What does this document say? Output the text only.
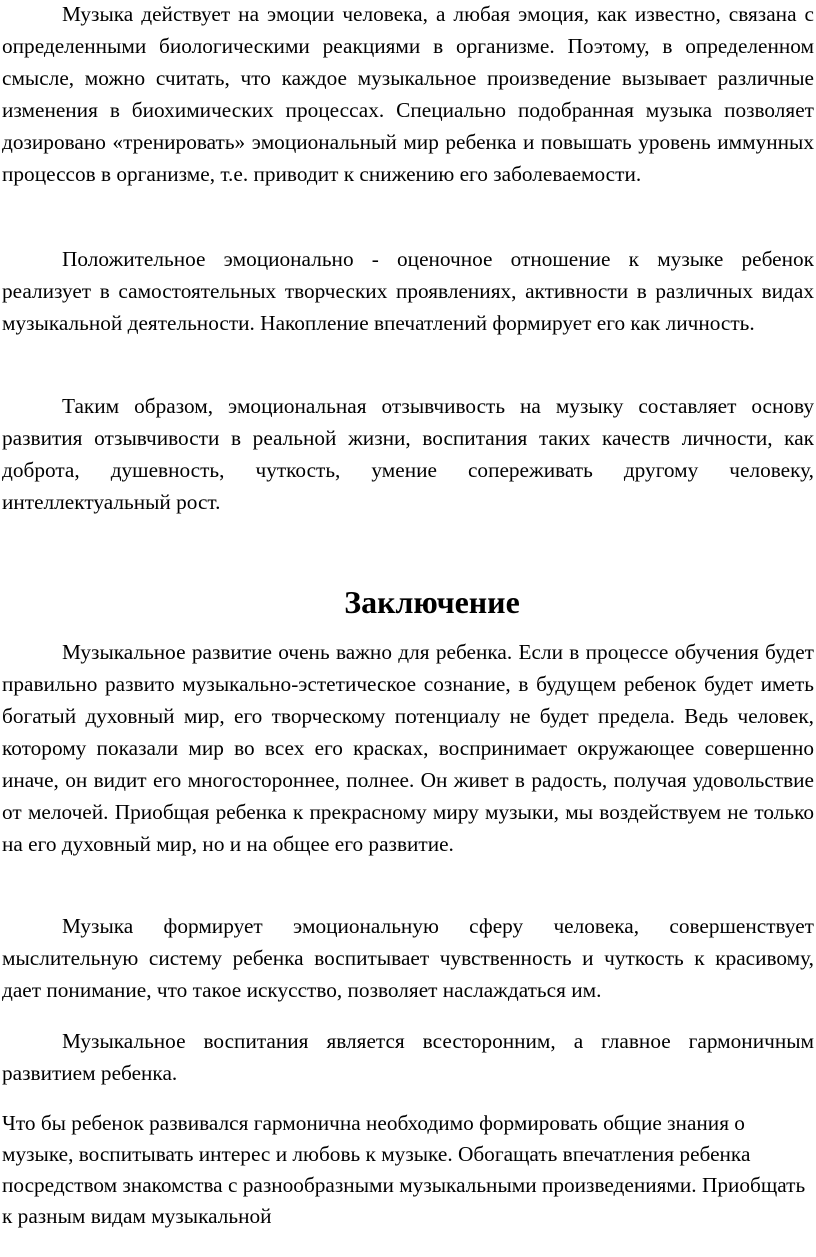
Музыка действует на эмоции человека, а любая эмоция, как известно, связана с определенными биологическими реакциями в организме. Поэтому, в определенном смысле, можно считать, что каждое музыкальное произведение вызывает различные изменения в биохимических процессах. Специально подобранная музыка позволяет дозировано «тренировать» эмоциональный мир ребенка и повышать уровень иммунных процессов в организме, т.е. приводит к снижению его заболеваемости.

Положительное эмоционально - оценочное отношение к музыке ребенок реализует в самостоятельных творческих проявлениях, активности в различных видах музыкальной деятельности. Накопление впечатлений формирует его как личность.

Таким образом, эмоциональная отзывчивость на музыку составляет основу развития отзывчивости в реальной жизни, воспитания таких качеств личности, как доброта, душевность, чуткость, умение сопереживать другому человеку, интеллектуальный рост.

Заключение

Музыкальное развитие очень важно для ребенка. Если в процессе обучения будет правильно развито музыкально-эстетическое сознание, в будущем ребенок будет иметь богатый духовный мир, его творческому потенциалу не будет предела. Ведь человек, которому показали мир во всех его красках, воспринимает окружающее совершенно иначе, он видит его многостороннее, полнее. Он живет в радость, получая удовольствие от мелочей. Приобщая ребенка к прекрасному миру музыки, мы воздействуем не только на его духовный мир, но и на общее его развитие.

Музыка формирует эмоциональную сферу человека, совершенствует мыслительную систему ребенка воспитывает чувственность и чуткость к красивому, дает понимание, что такое искусство, позволяет наслаждаться им.

Музыкальное воспитания является всесторонним, а главное гармоничным развитием ребенка.

Что бы ребенок развивался гармонична необходимо формировать общие знания о музыке, воспитывать интерес и любовь к музыке. Обогащать впечатления ребенка посредством знакомства с разнообразными музыкальными произведениями. Приобщать к разным видам музыкальной
